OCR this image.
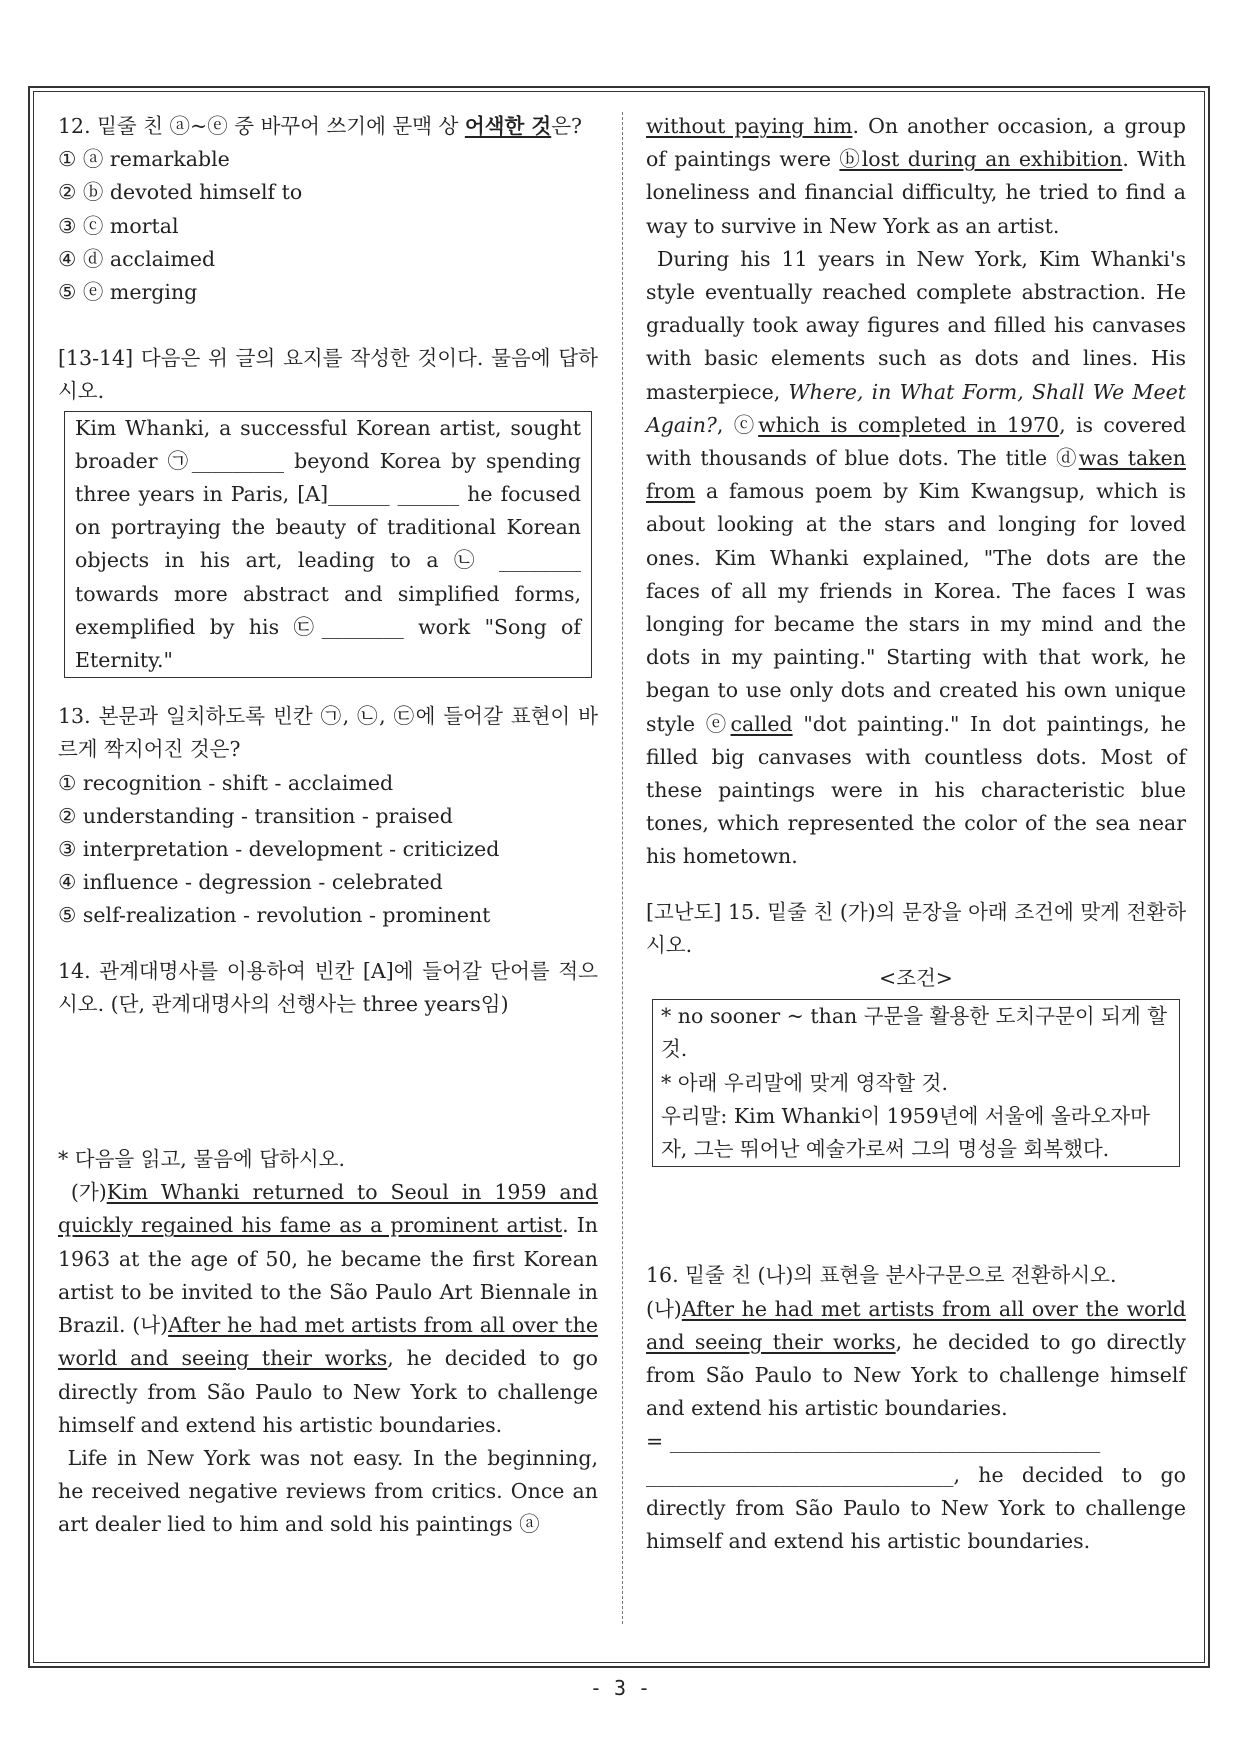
12. 밑줄 친 ⓐ~ⓔ 중 바꾸어 쓰기에 문맥 상 어색한 것은?
① ⓐ remarkable
② ⓑ devoted himself to
③ ⓒ mortal
④ ⓓ acclaimed
⑤ ⓔ merging
[13-14] 다음은 위 글의 요지를 작성한 것이다. 물음에 답하시오.
Kim Whanki, a successful Korean artist, sought broader ㉠_________ beyond Korea by spending three years in Paris, [A]______ ______ he focused on portraying the beauty of traditional Korean objects in his art, leading to a ㉡ ________ towards more abstract and simplified forms, exemplified by his ㉢________ work "Song of Eternity."
13. 본문과 일치하도록 빈칸 ㉠, ㉡, ㉢에 들어갈 표현이 바르게 짝지어진 것은?
① recognition - shift - acclaimed
② understanding - transition - praised
③ interpretation - development - criticized
④ influence - degression - celebrated
⑤ self-realization - revolution - prominent
14. 관계대명사를 이용하여 빈칸 [A]에 들어갈 단어를 적으시오. (단, 관계대명사의 선행사는 three years임)
* 다음을 읽고, 물음에 답하시오.
(가)Kim Whanki returned to Seoul in 1959 and quickly regained his fame as a prominent artist. In 1963 at the age of 50, he became the first Korean artist to be invited to the São Paulo Art Biennale in Brazil. (나)After he had met artists from all over the world and seeing their works, he decided to go directly from São Paulo to New York to challenge himself and extend his artistic boundaries.
Life in New York was not easy. In the beginning, he received negative reviews from critics. Once an art dealer lied to him and sold his paintings ⓐ
without paying him. On another occasion, a group of paintings were ⓑlost during an exhibition. With loneliness and financial difficulty, he tried to find a way to survive in New York as an artist.
During his 11 years in New York, Kim Whanki's style eventually reached complete abstraction. He gradually took away figures and filled his canvases with basic elements such as dots and lines. His masterpiece, Where, in What Form, Shall We Meet Again?, ⓒwhich is completed in 1970, is covered with thousands of blue dots. The title ⓓwas taken from a famous poem by Kim Kwangsup, which is about looking at the stars and longing for loved ones. Kim Whanki explained, "The dots are the faces of all my friends in Korea. The faces I was longing for became the stars in my mind and the dots in my painting." Starting with that work, he began to use only dots and created his own unique style ⓔcalled "dot painting." In dot paintings, he filled big canvases with countless dots. Most of these paintings were in his characteristic blue tones, which represented the color of the sea near his hometown.
[고난도] 15. 밑줄 친 (가)의 문장을 아래 조건에 맞게 전환하시오.
<조건>
* no sooner ~ than 구문을 활용한 도치구문이 되게 할 것.
* 아래 우리말에 맞게 영작할 것.
우리말: Kim Whanki이 1959년에 서울에 올라오자마자, 그는 뛰어난 예술가로써 그의 명성을 회복했다.
16. 밑줄 친 (나)의 표현을 분사구문으로 전환하시오.
(나)After he had met artists from all over the world and seeing their works, he decided to go directly from São Paulo to New York to challenge himself and extend his artistic boundaries.
= __________________________________________
______________________________, he decided to go directly from São Paulo to New York to challenge himself and extend his artistic boundaries.
- 3 -
